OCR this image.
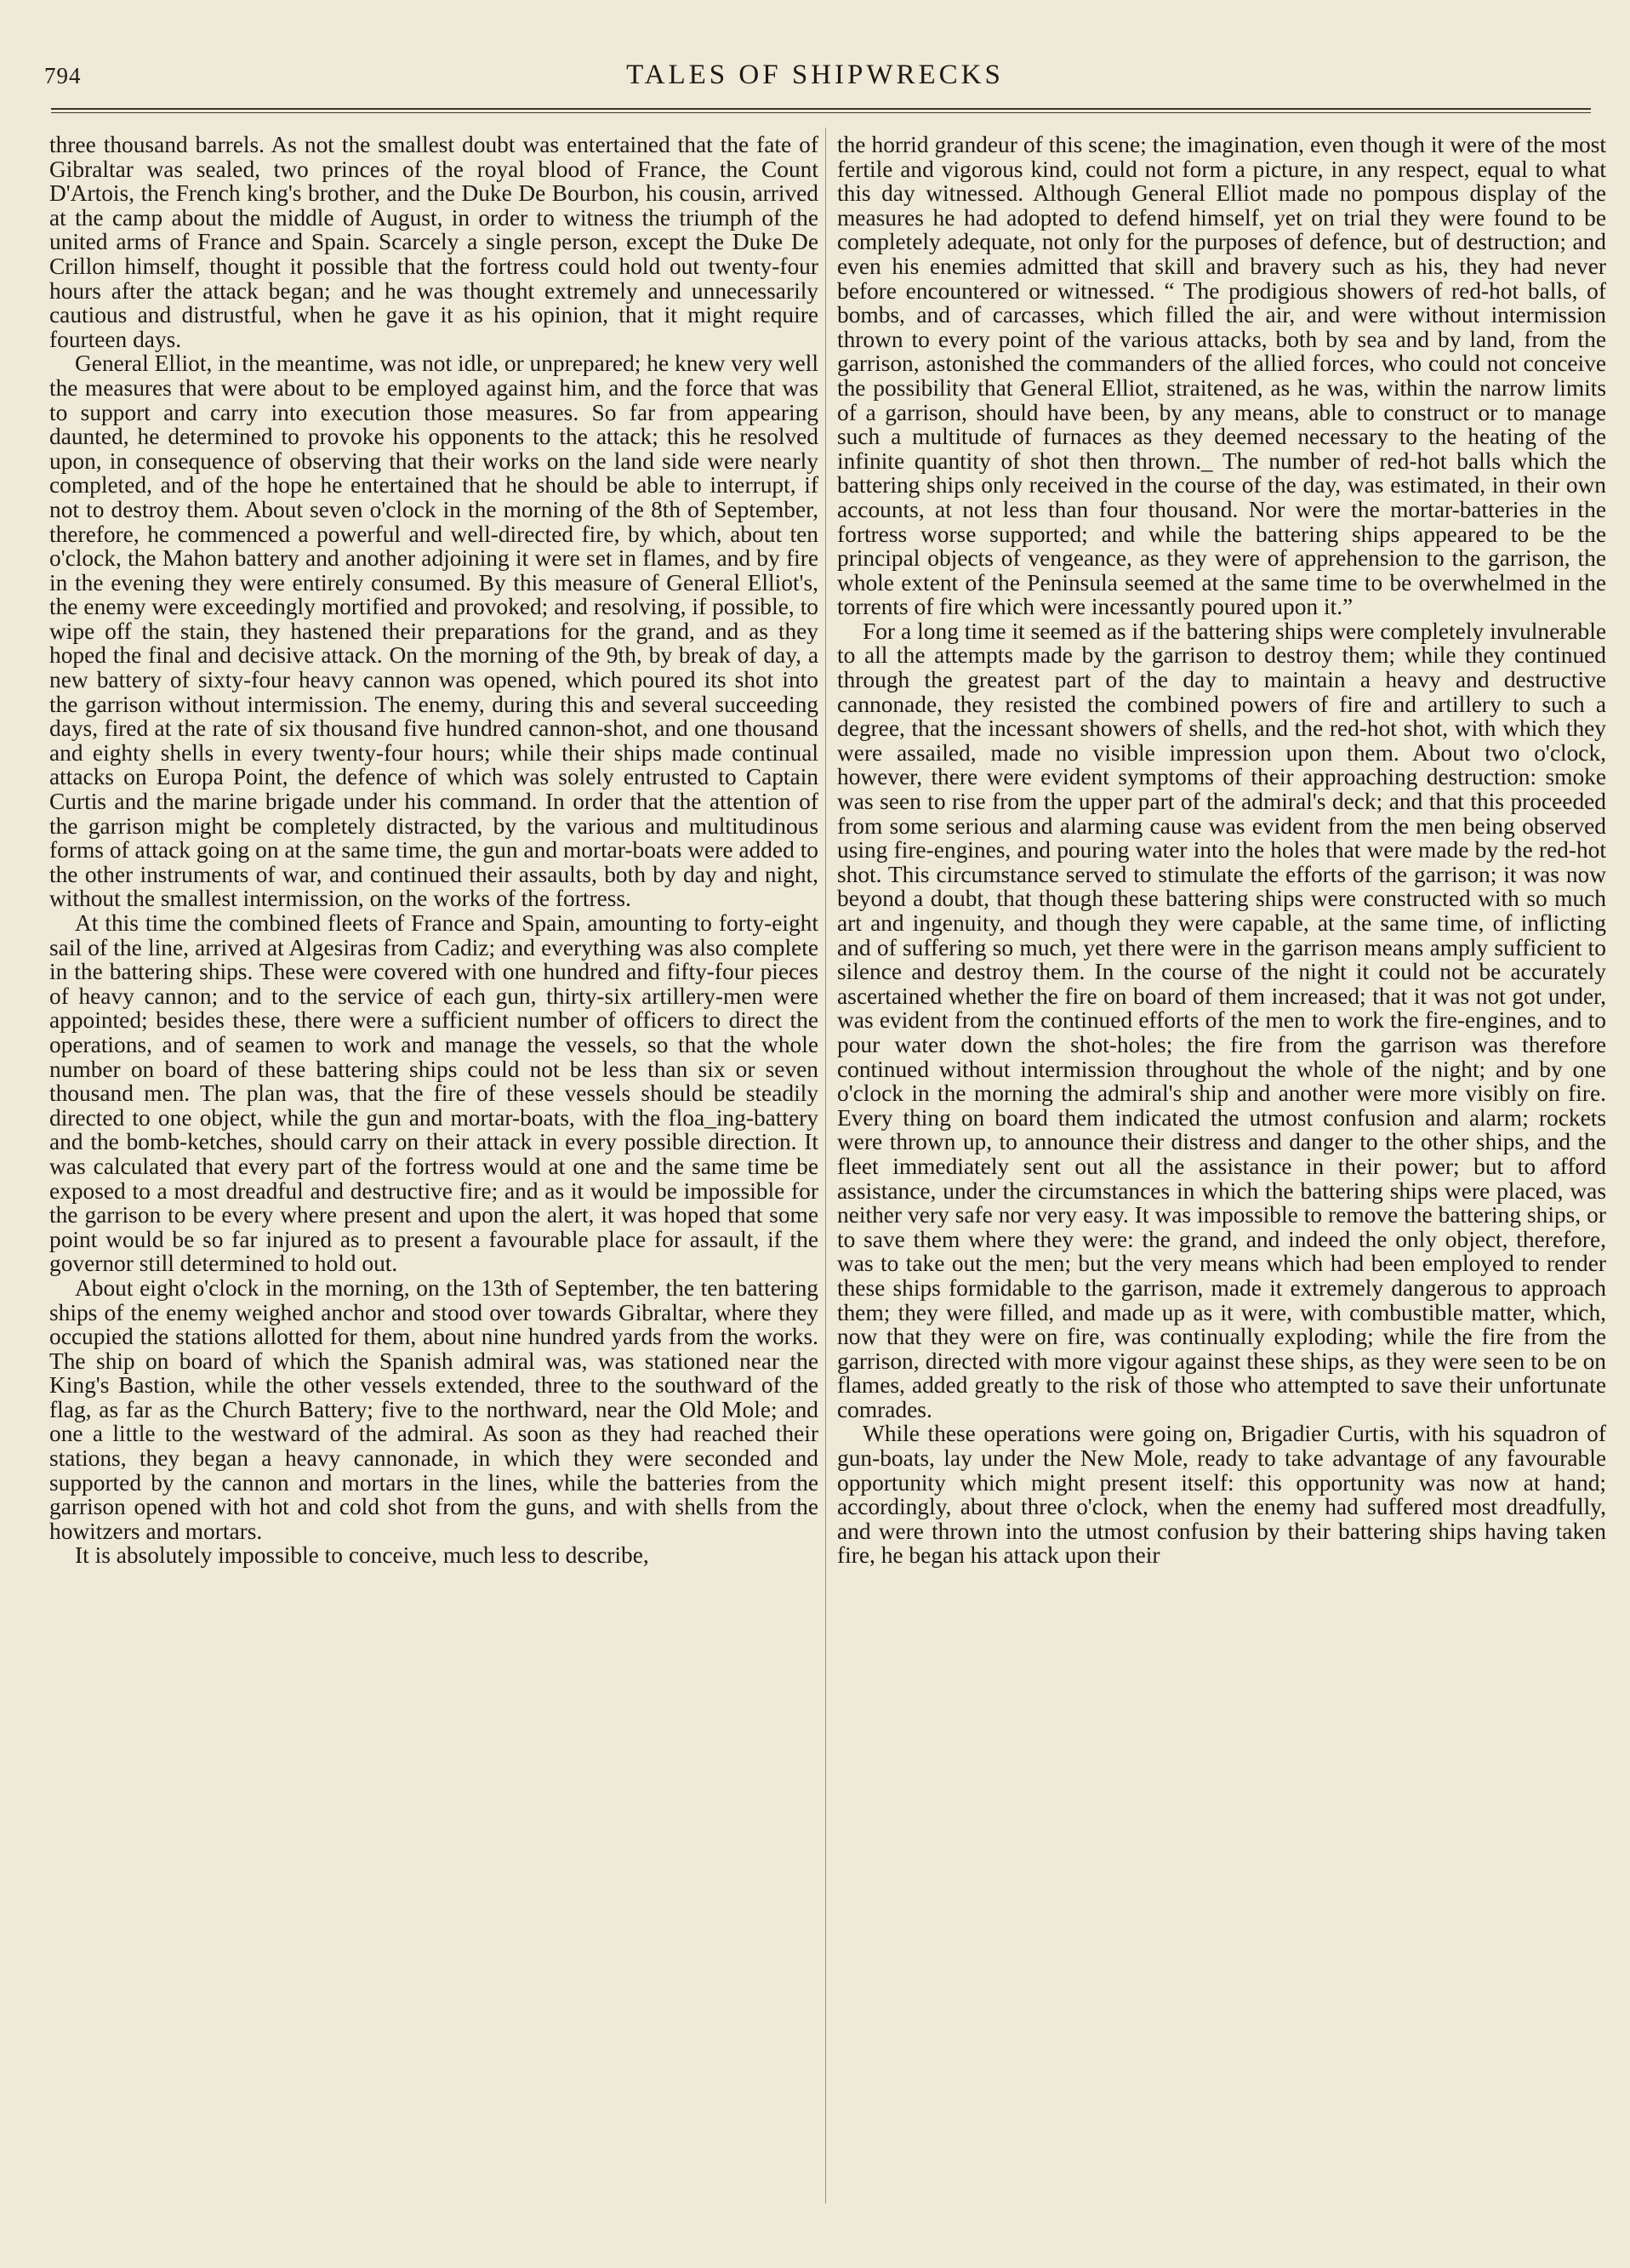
794	TALES OF SHIPWRECKS

three thousand barrels. As not the smallest doubt was entertained that the fate of Gibraltar was sealed, two princes of the royal blood of France, the Count D'Artois, the French king's brother, and the Duke De Bourbon, his cousin, arrived at the camp about the middle of August, in order to witness the triumph of the united arms of France and Spain. Scarcely a single person, except the Duke De Crillon himself, thought it possible that the fortress could hold out twenty-four hours after the attack began; and he was thought extremely and unnecessarily cautious and distrustful, when he gave it as his opinion, that it might require fourteen days.

General Elliot, in the meantime, was not idle, or unprepared; he knew very well the measures that were about to be employed against him, and the force that was to support and carry into execution those measures. So far from appearing daunted, he determined to provoke his opponents to the attack; this he resolved upon, in consequence of observing that their works on the land side were nearly completed, and of the hope he entertained that he should be able to interrupt, if not to destroy them. About seven o'clock in the morning of the 8th of September, therefore, he commenced a powerful and well-directed fire, by which, about ten o'clock, the Mahon battery and another adjoining it were set in flames, and by fire in the evening they were entirely consumed. By this measure of General Elliot's, the enemy were exceedingly mortified and provoked; and resolving, if possible, to wipe off the stain, they hastened their preparations for the grand, and as they hoped the final and decisive attack. On the morning of the 9th, by break of day, a new battery of sixty-four heavy cannon was opened, which poured its shot into the garrison without intermission. The enemy, during this and several succeeding days, fired at the rate of six thousand five hundred cannon-shot, and one thousand and eighty shells in every twenty-four hours; while their ships made continual attacks on Europa Point, the defence of which was solely entrusted to Captain Curtis and the marine brigade under his command. In order that the attention of the garrison might be completely distracted, by the various and multitudinous forms of attack going on at the same time, the gun and mortar-boats were added to the other instruments of war, and continued their assaults, both by day and night, without the smallest intermission, on the works of the fortress.

At this time the combined fleets of France and Spain, amounting to forty-eight sail of the line, arrived at Algesiras from Cadiz; and everything was also complete in the battering ships. These were covered with one hundred and fifty-four pieces of heavy cannon; and to the service of each gun, thirty-six artillery-men were appointed; besides these, there were a sufficient number of officers to direct the operations, and of seamen to work and manage the vessels, so that the whole number on board of these battering ships could not be less than six or seven thousand men. The plan was, that the fire of these vessels should be steadily directed to one object, while the gun and mortar-boats, with the floa_ing-battery and the bomb-ketches, should carry on their attack in every possible direction. It was calculated that every part of the fortress would at one and the same time be exposed to a most dreadful and destructive fire; and as it would be impossible for the garrison to be every where present and upon the alert, it was hoped that some point would be so far injured as to present a favourable place for assault, if the governor still determined to hold out.

About eight o'clock in the morning, on the 13th of September, the ten battering ships of the enemy weighed anchor and stood over towards Gibraltar, where they occupied the stations allotted for them, about nine hundred yards from the works. The ship on board of which the Spanish admiral was, was stationed near the King's Bastion, while the other vessels extended, three to the southward of the flag, as far as the Church Battery; five to the northward, near the Old Mole; and one a little to the westward of the admiral. As soon as they had reached their stations, they began a heavy cannonade, in which they were seconded and supported by the cannon and mortars in the lines, while the batteries from the garrison opened with hot and cold shot from the guns, and with shells from the howitzers and mortars.

It is absolutely impossible to conceive, much less to describe,

the horrid grandeur of this scene; the imagination, even though it were of the most fertile and vigorous kind, could not form a picture, in any respect, equal to what this day witnessed. Although General Elliot made no pompous display of the measures he had adopted to defend himself, yet on trial they were found to be completely adequate, not only for the purposes of defence, but of destruction; and even his enemies admitted that skill and bravery such as his, they had never before encountered or witnessed. “ The prodigious showers of red-hot balls, of bombs, and of carcasses, which filled the air, and were without intermission thrown to every point of the various attacks, both by sea and by land, from the garrison, astonished the commanders of the allied forces, who could not conceive the possibility that General Elliot, straitened, as he was, within the narrow limits of a garrison, should have been, by any means, able to construct or to manage such a multitude of furnaces as they deemed necessary to the heating of the infinite quantity of shot then thrown._ The number of red-hot balls which the battering ships only received in the course of the day, was estimated, in their own accounts, at not less than four thousand. Nor were the mortar-batteries in the fortress worse supported; and while the battering ships appeared to be the principal objects of vengeance, as they were of apprehension to the garrison, the whole extent of the Peninsula seemed at the same time to be overwhelmed in the torrents of fire which were incessantly poured upon it.”

For a long time it seemed as if the battering ships were completely invulnerable to all the attempts made by the garrison to destroy them; while they continued through the greatest part of the day to maintain a heavy and destructive cannonade, they resisted the combined powers of fire and artillery to such a degree, that the incessant showers of shells, and the red-hot shot, with which they were assailed, made no visible impression upon them. About two o'clock, however, there were evident symptoms of their approaching destruction: smoke was seen to rise from the upper part of the admiral's deck; and that this proceeded from some serious and alarming cause was evident from the men being observed using fire-engines, and pouring water into the holes that were made by the red-hot shot. This circumstance served to stimulate the efforts of the garrison; it was now beyond a doubt, that though these battering ships were constructed with so much art and ingenuity, and though they were capable, at the same time, of inflicting and of suffering so much, yet there were in the garrison means amply sufficient to silence and destroy them. In the course of the night it could not be accurately ascertained whether the fire on board of them increased; that it was not got under, was evident from the continued efforts of the men to work the fire-engines, and to pour water down the shot-holes; the fire from the garrison was therefore continued without intermission throughout the whole of the night; and by one o'clock in the morning the admiral's ship and another were more visibly on fire. Every thing on board them indicated the utmost confusion and alarm; rockets were thrown up, to announce their distress and danger to the other ships, and the fleet immediately sent out all the assistance in their power; but to afford assistance, under the circumstances in which the battering ships were placed, was neither very safe nor very easy. It was impossible to remove the battering ships, or to save them where they were: the grand, and indeed the only object, therefore, was to take out the men; but the very means which had been employed to render these ships formidable to the garrison, made it extremely dangerous to approach them; they were filled, and made up as it were, with combustible matter, which, now that they were on fire, was continually exploding; while the fire from the garrison, directed with more vigour against these ships, as they were seen to be on flames, added greatly to the risk of those who attempted to save their unfortunate comrades.

While these operations were going on, Brigadier Curtis, with his squadron of gun-boats, lay under the New Mole, ready to take advantage of any favourable opportunity which might present itself: this opportunity was now at hand; accordingly, about three o'clock, when the enemy had suffered most dreadfully, and were thrown into the utmost confusion by their battering ships having taken fire, he began his attack upon their
